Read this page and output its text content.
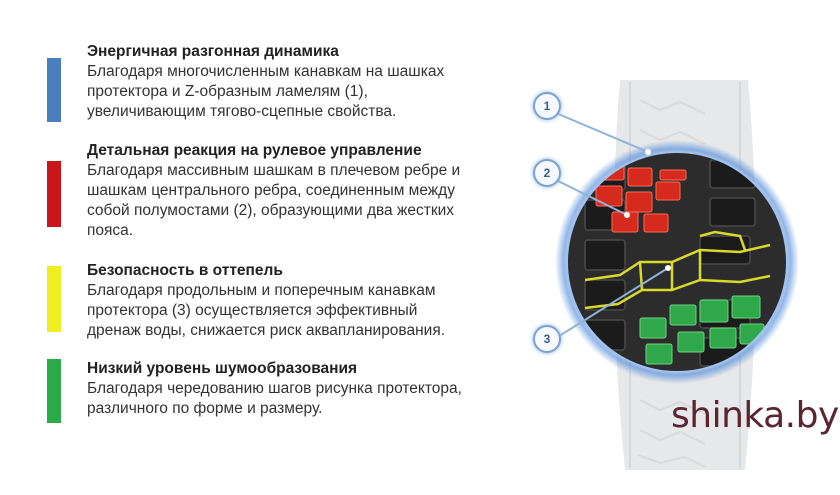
Энергичная разгонная динамика

Благодаря многочисленным канавкам на шашках

протектора и Z-образным ламелям (1),

увеличивающим тягово-сцепные свойства.

Детальная реакция на рулевое управление

Благодаря массивным шашкам в плечевом ребре и

шашкам центрального ребра, соединенным между

собой полумостами (2), образующими два жестких

пояса.

Безопасность в оттепель

Благодаря продольным и поперечным канавкам

протектора (3) осуществляется эффективный

дренаж воды, снижается риск аквапланирования.

Низкий уровень шумообразования

Благодаря чередованию шагов рисунка протектора,

различного по форме и размеру.

1
2
3
shinka.by
